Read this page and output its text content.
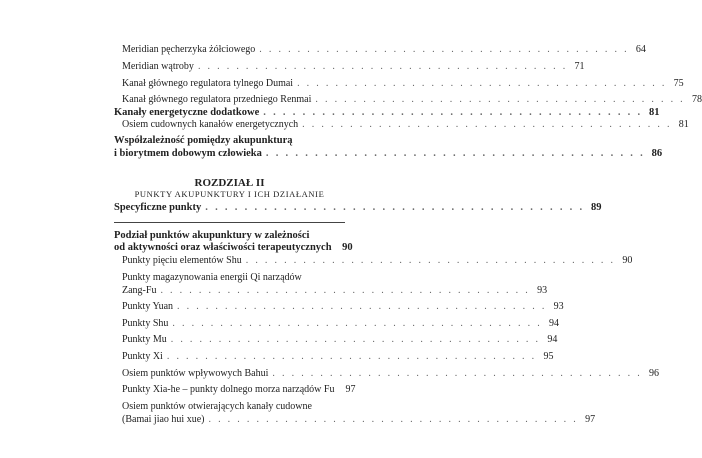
Meridian pęcherzyka żółciowego . . . . . . . . . . . . . . . . . . . . . . . . . . . . . . . . . . . . . . . 64
Meridian wątroby . . . . . . . . . . . . . . . . . . . . . . . . . . . . . . . . . . . . . . . 71
Kanał głównego regulatora tylnego Dumai . . . . . . . . . . . . . . . . . . . . . . . . . . . . . . . . . . . . . . . 75
Kanał głównego regulatora przedniego Renmai . . . . . . . . . . . . . . . . . . . . . . . . . . . . . . . . . . . . . . . 78
Kanały energetyczne dodatkowe . . . . . . . . . . . . . . . . . . . . . . . . . . . . . . . . . . . . . . . 81
Osiem cudownych kanałów energetycznych . . . . . . . . . . . . . . . . . . . . . . . . . . . . . . . . . . . . . . . 81
Współzależność pomiędzy akupunkturą
i biorytmem dobowym człowieka . . . . . . . . . . . . . . . . . . . . . . . . . . . . . . . . . . . . . . . 86
ROZDZIAŁ II
PUNKTY AKUPUNKTURY I ICH DZIAŁANIE
Specyficzne punkty . . . . . . . . . . . . . . . . . . . . . . . . . . . . . . . . . . . . . . . 89
Podział punktów akupunktury w zależności
od aktywności oraz właściwości terapeutycznych 90
Punkty pięciu elementów Shu . . . . . . . . . . . . . . . . . . . . . . . . . . . . . . . . . . . . . . . 90
Punkty magazynowania energii Qi narządów
Zang-Fu . . . . . . . . . . . . . . . . . . . . . . . . . . . . . . . . . . . . . . . 93
Punkty Yuan . . . . . . . . . . . . . . . . . . . . . . . . . . . . . . . . . . . . . . . 93
Punkty Shu . . . . . . . . . . . . . . . . . . . . . . . . . . . . . . . . . . . . . . . 94
Punkty Mu . . . . . . . . . . . . . . . . . . . . . . . . . . . . . . . . . . . . . . . 94
Punkty Xi . . . . . . . . . . . . . . . . . . . . . . . . . . . . . . . . . . . . . . . 95
Osiem punktów wpływowych Bahui . . . . . . . . . . . . . . . . . . . . . . . . . . . . . . . . . . . . . . . 96
Punkty Xia-he – punkty dolnego morza narządów Fu	97
Osiem punktów otwierających kanały cudowne
(Bamai jiao hui xue) . . . . . . . . . . . . . . . . . . . . . . . . . . . . . . . . . . . . . . . 97
